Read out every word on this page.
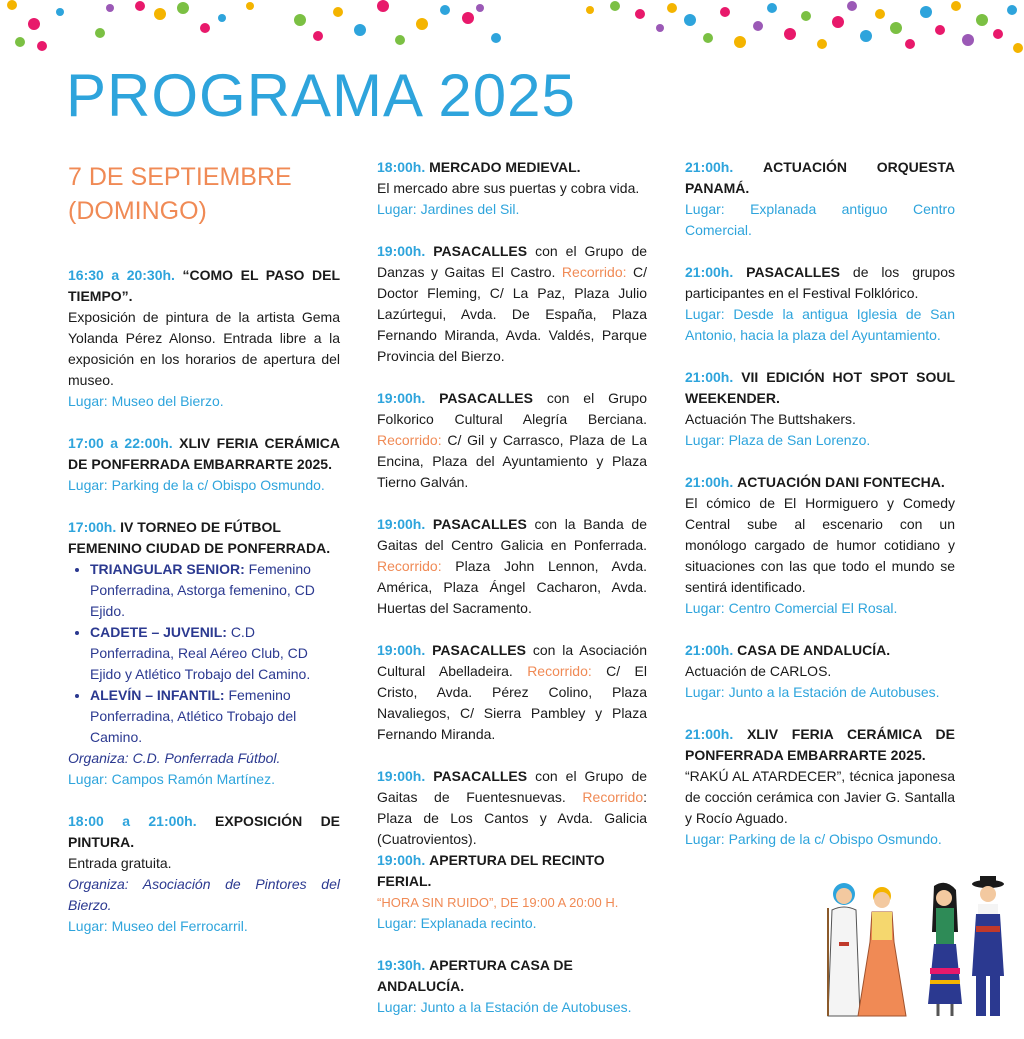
PROGRAMA 2025
7 DE SEPTIEMBRE
(DOMINGO)
16:30 a 20:30h. “COMO EL PASO DEL TIEMPO”.
Exposición de pintura de la artista Gema Yolanda Pérez Alonso. Entrada libre a la exposición en los horarios de apertura del museo.
Lugar: Museo del Bierzo.
17:00 a 22:00h. XLIV FERIA CERÁMICA DE PONFERRADA EMBARRARTE 2025.
Lugar: Parking de la c/ Obispo Osmundo.
17:00h. IV TORNEO DE FÚTBOL FEMENINO CIUDAD DE PONFERRADA.
• TRIANGULAR SENIOR: Femenino Ponferradina, Astorga femenino, CD Ejido.
• CADETE – JUVENIL: C.D Ponferradina, Real Aéreo Club, CD Ejido y Atlético Trobajo del Camino.
• ALEVÍN – INFANTIL: Femenino Ponferradina, Atlético Trobajo del Camino.
Organiza: C.D. Ponferrada Fútbol.
Lugar: Campos Ramón Martínez.
18:00 a 21:00h. EXPOSICIÓN DE PINTURA.
Entrada gratuita.
Organiza: Asociación de Pintores del Bierzo.
Lugar: Museo del Ferrocarril.
18:00h. MERCADO MEDIEVAL.
El mercado abre sus puertas y cobra vida.
Lugar: Jardines del Sil.
19:00h. PASACALLES con el Grupo de Danzas y Gaitas El Castro. Recorrido: C/ Doctor Fleming, C/ La Paz, Plaza Julio Lazúrtegui, Avda. De España, Plaza Fernando Miranda, Avda. Valdés, Parque Provincia del Bierzo.
19:00h. PASACALLES con el Grupo Folkorico Cultural Alegría Berciana. Recorrido: C/ Gil y Carrasco, Plaza de La Encina, Plaza del Ayuntamiento y Plaza Tierno Galván.
19:00h. PASACALLES con la Banda de Gaitas del Centro Galicia en Ponferrada. Recorrido: Plaza John Lennon, Avda. América, Plaza Ángel Cacharon, Avda. Huertas del Sacramento.
19:00h. PASACALLES con la Asociación Cultural Abelladeira. Recorrido: C/ El Cristo, Avda. Pérez Colino, Plaza Navaliegos, C/ Sierra Pambley y Plaza Fernando Miranda.
19:00h. PASACALLES con el Grupo de Gaitas de Fuentesnuevas. Recorrido: Plaza de Los Cantos y Avda. Galicia (Cuatrovientos).
19:00h. APERTURA DEL RECINTO FERIAL.
“HORA SIN RUIDO”, DE 19:00 A 20:00 H.
Lugar: Explanada recinto.
19:30h. APERTURA CASA DE ANDALUCÍA.
Lugar: Junto a la Estación de Autobuses.
21:00h. ACTUACIÓN ORQUESTA PANAMÁ.
Lugar: Explanada antiguo Centro Comercial.
21:00h. PASACALLES de los grupos participantes en el Festival Folklórico.
Lugar: Desde la antigua Iglesia de San Antonio, hacia la plaza del Ayuntamiento.
21:00h. VII EDICIÓN HOT SPOT SOUL WEEKENDER.
Actuación The Buttshakers.
Lugar: Plaza de San Lorenzo.
21:00h. ACTUACIÓN DANI FONTECHA.
El cómico de El Hormiguero y Comedy Central sube al escenario con un monólogo cargado de humor cotidiano y situaciones con las que todo el mundo se sentirá identificado.
Lugar: Centro Comercial El Rosal.
21:00h. CASA DE ANDALUCÍA.
Actuación de CARLOS.
Lugar: Junto a la Estación de Autobuses.
21:00h. XLIV FERIA CERÁMICA DE PONFERRADA EMBARRARTE 2025.
“RAKÚ AL ATARDECER”, técnica japonesa de cocción cerámica con Javier G. Santalla y Rocío Aguado.
Lugar: Parking de la c/ Obispo Osmundo.
